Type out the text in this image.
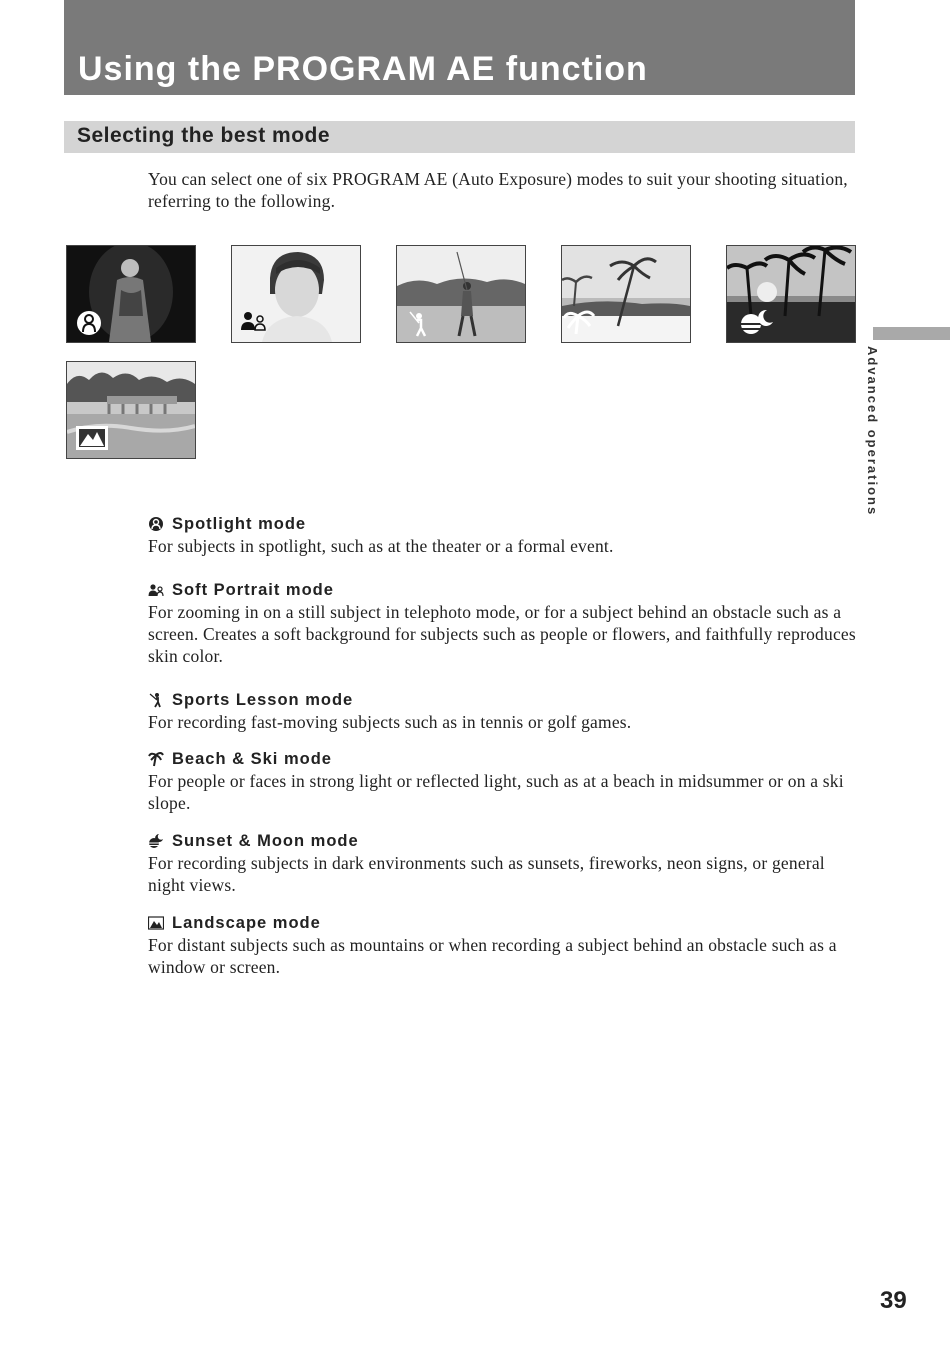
Using the PROGRAM AE function
Selecting the best mode
You can select one of six PROGRAM AE (Auto Exposure) modes to suit your shooting situation, referring to the following.
Advanced operations
Spotlight mode
For subjects in spotlight, such as at the theater or a formal event.
Soft Portrait mode
For zooming in on a still subject in telephoto mode, or for a subject behind an obstacle such as a screen. Creates a soft background for subjects such as people or flowers, and faithfully reproduces skin color.
Sports Lesson mode
For recording fast-moving subjects such as in tennis or golf games.
Beach & Ski mode
For people or faces in strong light or reflected light, such as at a beach in midsummer or on a ski slope.
Sunset & Moon mode
For recording subjects in dark environments such as sunsets, fireworks, neon signs, or general night views.
Landscape mode
For distant subjects such as mountains or when recording a subject behind an obstacle such as a window or screen.
39
